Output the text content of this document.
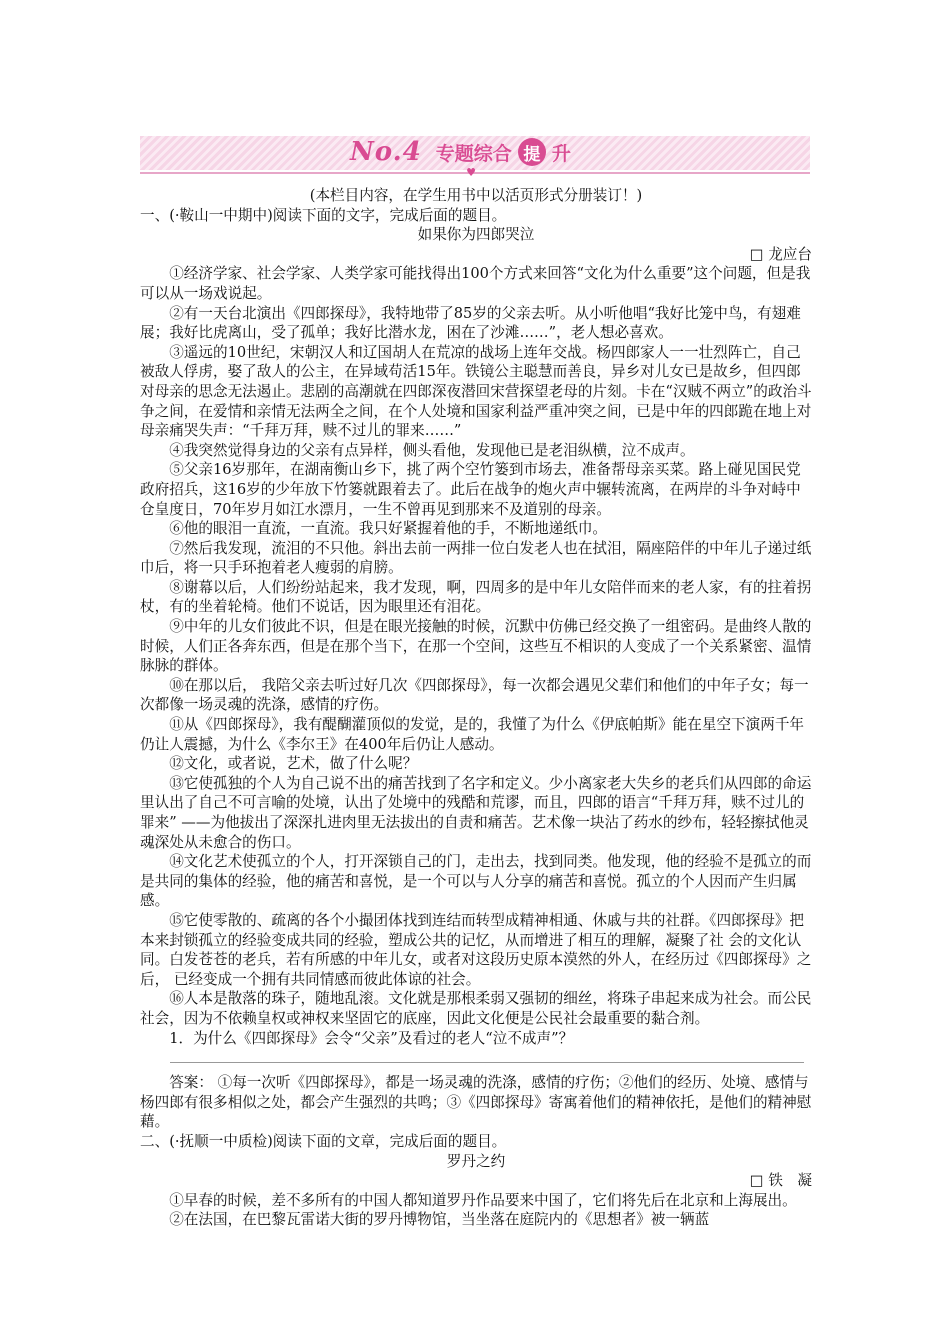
♥
No.4 专题综合 提 升

(本栏目内容，在学生用书中以活页形式分册装订！)

一、(·鞍山一中期中)阅读下面的文字，完成后面的题目。

如果你为四郎哭泣

□ 龙应台

①经济学家、社会学家、人类学家可能找得出100个方式来回答“文化为什么重要”这个问题，但是我可以从一场戏说起。

②有一天台北演出《四郎探母》，我特地带了85岁的父亲去听。从小听他唱“我好比笼中鸟，有翅难展；我好比虎离山，受了孤单；我好比潜水龙，困在了沙滩……”，老人想必喜欢。

③遥远的10世纪，宋朝汉人和辽国胡人在荒凉的战场上连年交战。杨四郎家人一一壮烈阵亡，自己被敌人俘虏，娶了敌人的公主，在异域苟活15年。铁镜公主聪慧而善良，异乡对儿女已是故乡，但四郎对母亲的思念无法遏止。悲剧的高潮就在四郎深夜潜回宋营探望老母的片刻。卡在“汉贼不两立”的政治斗争之间，在爱情和亲情无法两全之间，在个人处境和国家利益严重冲突之间，已是中年的四郎跪在地上对母亲痛哭失声：“千拜万拜，赎不过儿的罪来……”

④我突然觉得身边的父亲有点异样，侧头看他，发现他已是老泪纵横，泣不成声。

⑤父亲16岁那年，在湖南衡山乡下，挑了两个空竹篓到市场去，准备帮母亲买菜。路上碰见国民党政府招兵，这16岁的少年放下竹篓就跟着去了。此后在战争的炮火声中辗转流离，在两岸的斗争对峙中仓皇度日，70年岁月如江水漂月，一生不曾再见到那来不及道别的母亲。

⑥他的眼泪一直流，一直流。我只好紧握着他的手，不断地递纸巾。

⑦然后我发现，流泪的不只他。斜出去前一两排一位白发老人也在拭泪，隔座陪伴的中年儿子递过纸巾后，将一只手环抱着老人瘦弱的肩膀。

⑧谢幕以后，人们纷纷站起来，我才发现，啊，四周多的是中年儿女陪伴而来的老人家，有的拄着拐杖，有的坐着轮椅。他们不说话，因为眼里还有泪花。

⑨中年的儿女们彼此不识，但是在眼光接触的时候，沉默中仿佛已经交换了一组密码。是曲终人散的时候，人们正各奔东西，但是在那个当下，在那一个空间，这些互不相识的人变成了一个关系紧密、温情脉脉的群体。

⑩在那以后， 我陪父亲去听过好几次《四郎探母》，每一次都会遇见父辈们和他们的中年子女；每一次都像一场灵魂的洗涤，感情的疗伤。

⑪从《四郎探母》，我有醍醐灌顶似的发觉，是的，我懂了为什么《伊底帕斯》能在星空下演两千年仍让人震撼，为什么《李尔王》在400年后仍让人感动。

⑫文化，或者说，艺术，做了什么呢？

⑬它使孤独的个人为自己说不出的痛苦找到了名字和定义。少小离家老大失乡的老兵们从四郎的命运里认出了自己不可言喻的处境，认出了处境中的残酷和荒谬，而且，四郎的语言“千拜万拜，赎不过儿的罪来” ——为他拔出了深深扎进肉里无法拔出的自责和痛苦。艺术像一块沾了药水的纱布，轻轻擦拭他灵魂深处从未愈合的伤口。

⑭文化艺术使孤立的个人，打开深锁自己的门，走出去，找到同类。他发现，他的经验不是孤立的而是共同的集体的经验，他的痛苦和喜悦，是一个可以与人分享的痛苦和喜悦。孤立的个人因而产生归属感。

⑮它使零散的、疏离的各个小撮团体找到连结而转型成精神相通、休戚与共的社群。《四郎探母》把本来封锁孤立的经验变成共同的经验，塑成公共的记忆，从而增进了相互的理解，凝聚了社 会的文化认同。白发苍苍的老兵，若有所感的中年儿女，或者对这段历史原本漠然的外人，在经历过《四郎探母》之后， 已经变成一个拥有共同情感而彼此体谅的社会。

⑯人本是散落的珠子，随地乱滚。文化就是那根柔弱又强韧的细丝，将珠子串起来成为社会。而公民社会，因为不依赖皇权或神权来坚固它的底座，因此文化便是公民社会最重要的黏合剂。

1．为什么《四郎探母》会令“父亲”及看过的老人“泣不成声”？

答案： ①每一次听《四郎探母》，都是一场灵魂的洗涤，感情的疗伤；②他们的经历、处境、感情与杨四郎有很多相似之处，都会产生强烈的共鸣；③《四郎探母》寄寓着他们的精神依托，是他们的精神慰藉。

二、(·抚顺一中质检)阅读下面的文章，完成后面的题目。

罗丹之约

□ 铁　凝

①早春的时候，差不多所有的中国人都知道罗丹作品要来中国了，它们将先后在北京和上海展出。

②在法国，在巴黎瓦雷诺大街的罗丹博物馆，当坐落在庭院内的《思想者》被一辆蓝
